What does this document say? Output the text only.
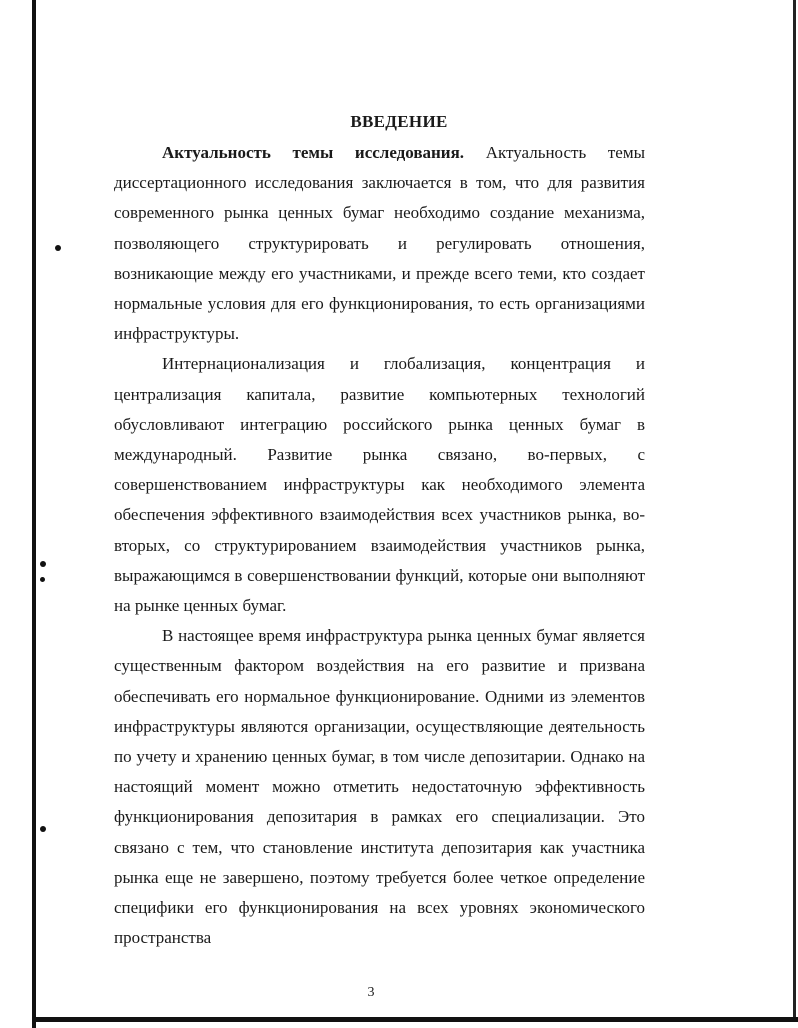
ВВЕДЕНИЕ

Актуальность темы исследования. Актуальность темы диссертационного исследования заключается в том, что для развития современного рынка ценных бумаг необходимо создание механизма, позволяющего структурировать и регулировать отношения, возникающие между его участниками, и прежде всего теми, кто создает нормальные условия для его функционирования, то есть организациями инфраструктуры.

Интернационализация и глобализация, концентрация и централизация капитала, развитие компьютерных технологий обусловливают интеграцию российского рынка ценных бумаг в международный. Развитие рынка связано, во-первых, с совершенствованием инфраструктуры как необходимого элемента обеспечения эффективного взаимодействия всех участников рынка, во-вторых, со структурированием взаимодействия участников рынка, выражающимся в совершенствовании функций, которые они выполняют на рынке ценных бумаг.

В настоящее время инфраструктура рынка ценных бумаг является существенным фактором воздействия на его развитие и призвана обеспечивать его нормальное функционирование. Одними из элементов инфраструктуры являются организации, осуществляющие деятельность по учету и хранению ценных бумаг, в том числе депозитарии. Однако на настоящий момент можно отметить недостаточную эффективность функционирования депозитария в рамках его специализации. Это связано с тем, что становление института депозитария как участника рынка еще не завершено, поэтому требуется более четкое определение специфики его функционирования на всех уровнях экономического пространства

3
